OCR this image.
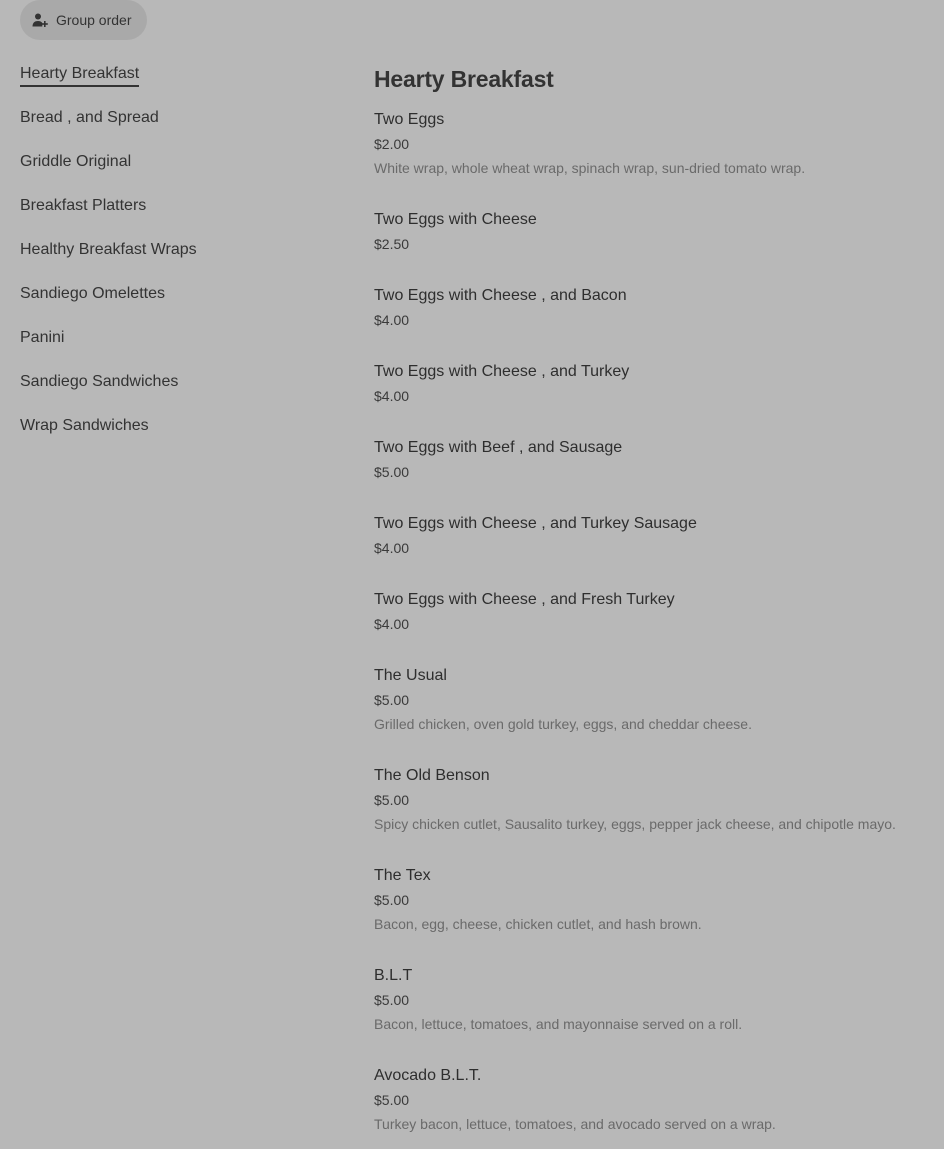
Group order
Hearty Breakfast
Bread , and Spread
Griddle Original
Breakfast Platters
Healthy Breakfast Wraps
Sandiego Omelettes
Panini
Sandiego Sandwiches
Wrap Sandwiches
Hearty Breakfast
Two Eggs
$2.00
White wrap, whole wheat wrap, spinach wrap, sun-dried tomato wrap.
Two Eggs with Cheese
$2.50
Two Eggs with Cheese , and Bacon
$4.00
Two Eggs with Cheese , and Turkey
$4.00
Two Eggs with Beef , and Sausage
$5.00
Two Eggs with Cheese , and Turkey Sausage
$4.00
Two Eggs with Cheese , and Fresh Turkey
$4.00
The Usual
$5.00
Grilled chicken, oven gold turkey, eggs, and cheddar cheese.
The Old Benson
$5.00
Spicy chicken cutlet, Sausalito turkey, eggs, pepper jack cheese, and chipotle mayo.
The Tex
$5.00
Bacon, egg, cheese, chicken cutlet, and hash brown.
B.L.T
$5.00
Bacon, lettuce, tomatoes, and mayonnaise served on a roll.
Avocado B.L.T.
$5.00
Turkey bacon, lettuce, tomatoes, and avocado served on a wrap.
